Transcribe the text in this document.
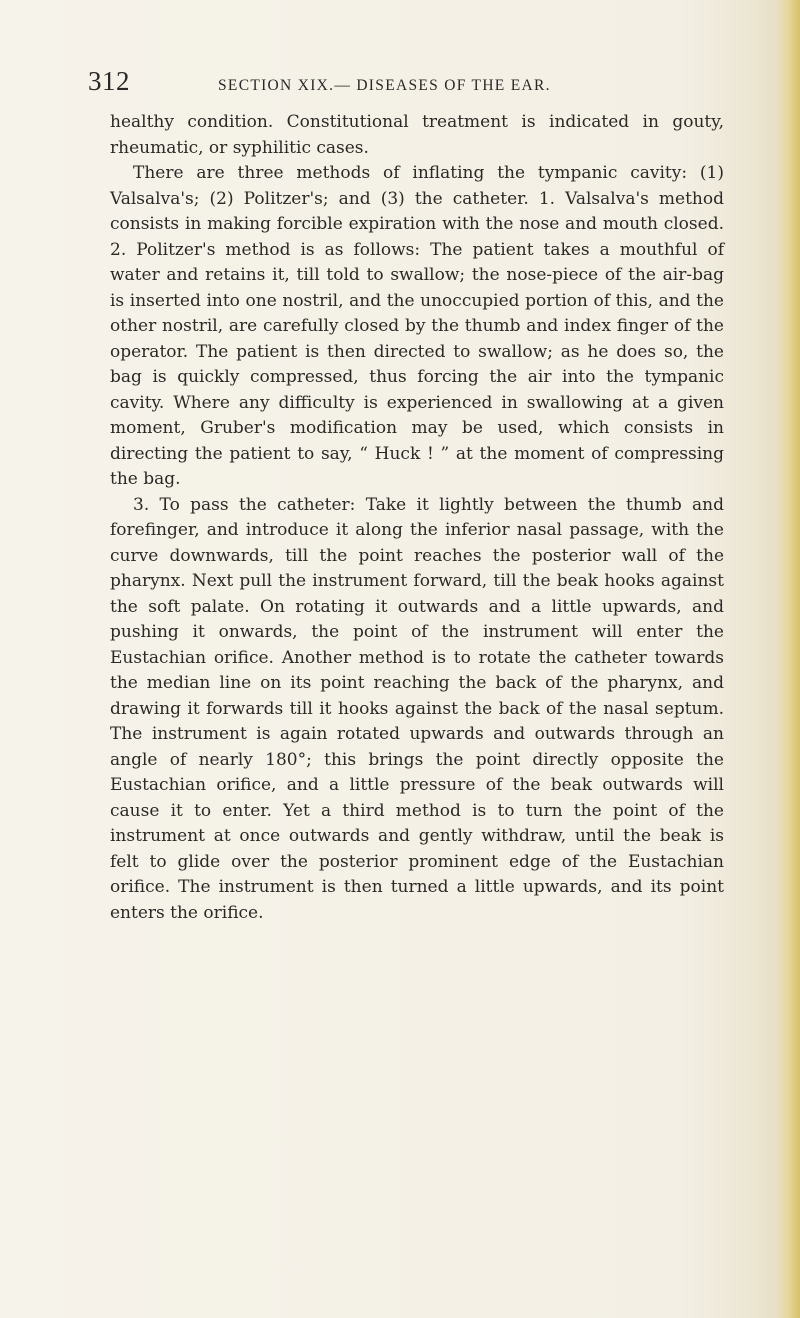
312	SECTION XIX.— DISEASES OF THE EAR.

healthy condition. Constitutional treatment is indicated in gouty, rheumatic, or syphilitic cases.

There are three methods of inflating the tympanic cavity: (1) Valsalva's; (2) Politzer's; and (3) the catheter. 1. Valsalva's method consists in making forcible expiration with the nose and mouth closed. 2. Politzer's method is as follows: The patient takes a mouthful of water and retains it, till told to swallow; the nose-piece of the air-bag is inserted into one nostril, and the unoccupied portion of this, and the other nostril, are carefully closed by the thumb and index finger of the operator. The patient is then directed to swallow; as he does so, the bag is quickly compressed, thus forcing the air into the tympanic cavity. Where any difficulty is experienced in swallowing at a given moment, Gruber's modification may be used, which consists in directing the patient to say, “ Huck ! ” at the moment of compressing the bag.

3. To pass the catheter: Take it lightly between the thumb and forefinger, and introduce it along the inferior nasal passage, with the curve downwards, till the point reaches the posterior wall of the pharynx. Next pull the instrument forward, till the beak hooks against the soft palate. On rotating it outwards and a little upwards, and pushing it onwards, the point of the instrument will enter the Eustachian orifice. Another method is to rotate the catheter towards the median line on its point reaching the back of the pharynx, and drawing it forwards till it hooks against the back of the nasal septum. The instrument is again rotated upwards and outwards through an angle of nearly 180°; this brings the point directly opposite the Eustachian orifice, and a little pressure of the beak outwards will cause it to enter. Yet a third method is to turn the point of the instrument at once outwards and gently withdraw, until the beak is felt to glide over the posterior prominent edge of the Eustachian orifice. The instrument is then turned a little upwards, and its point enters the orifice.
